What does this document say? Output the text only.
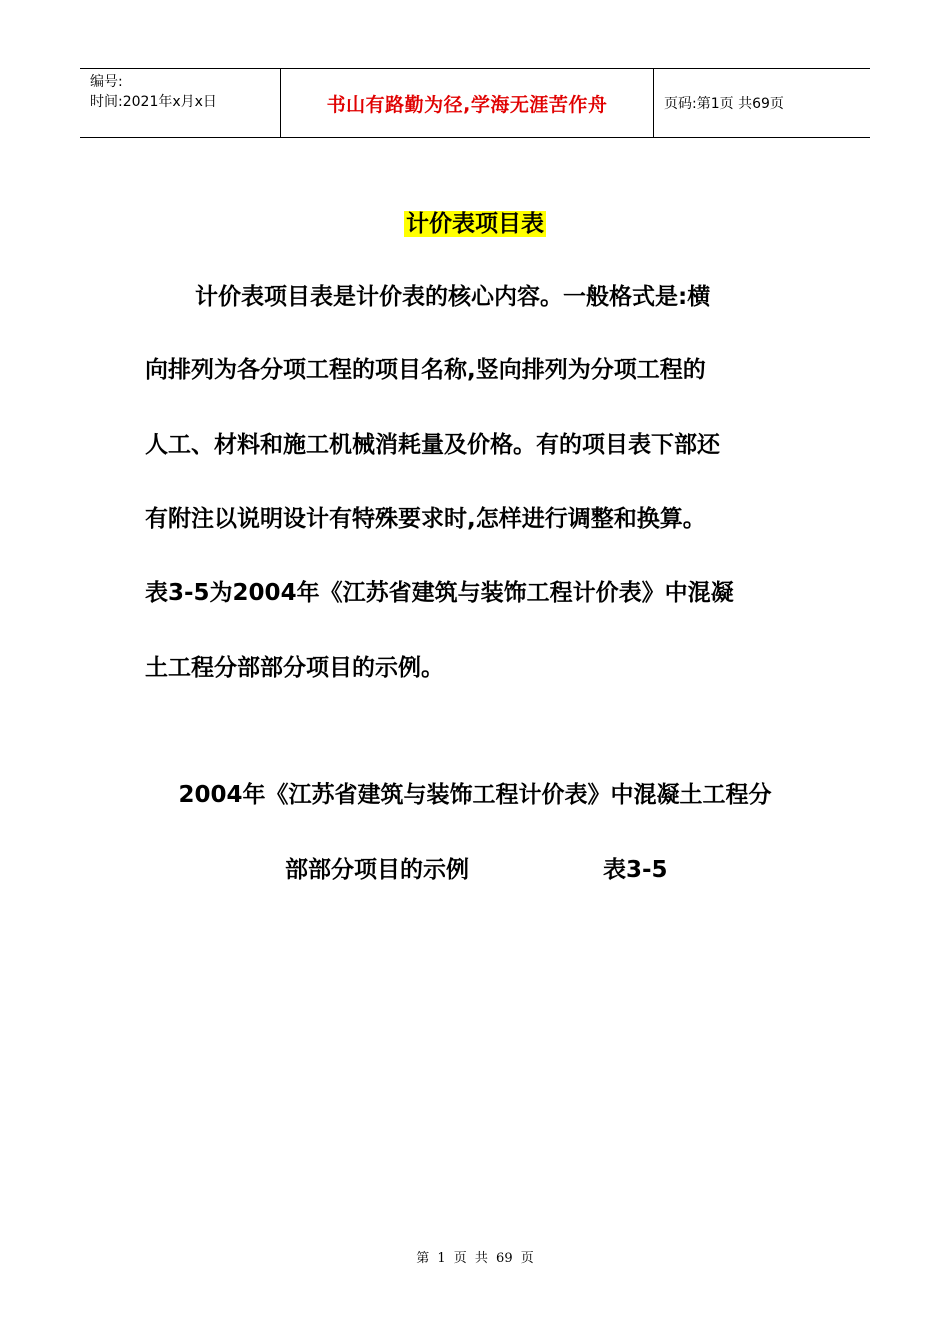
编号:
时间:2021年x月x日	书山有路勤为径,学海无涯苦作舟	页码:第1页 共69页
计价表项目表
计价表项目表是计价表的核心内容。一般格式是:横
向排列为各分项工程的项目名称,竖向排列为分项工程的
人工、材料和施工机械消耗量及价格。有的项目表下部还
有附注以说明设计有特殊要求时,怎样进行调整和换算。
表3-5为2004年《江苏省建筑与装饰工程计价表》中混凝
土工程分部部分项目的示例。
2004年《江苏省建筑与装饰工程计价表》中混凝土工程分
部部分项目的示例	表3-5
第 1 页 共 69 页
